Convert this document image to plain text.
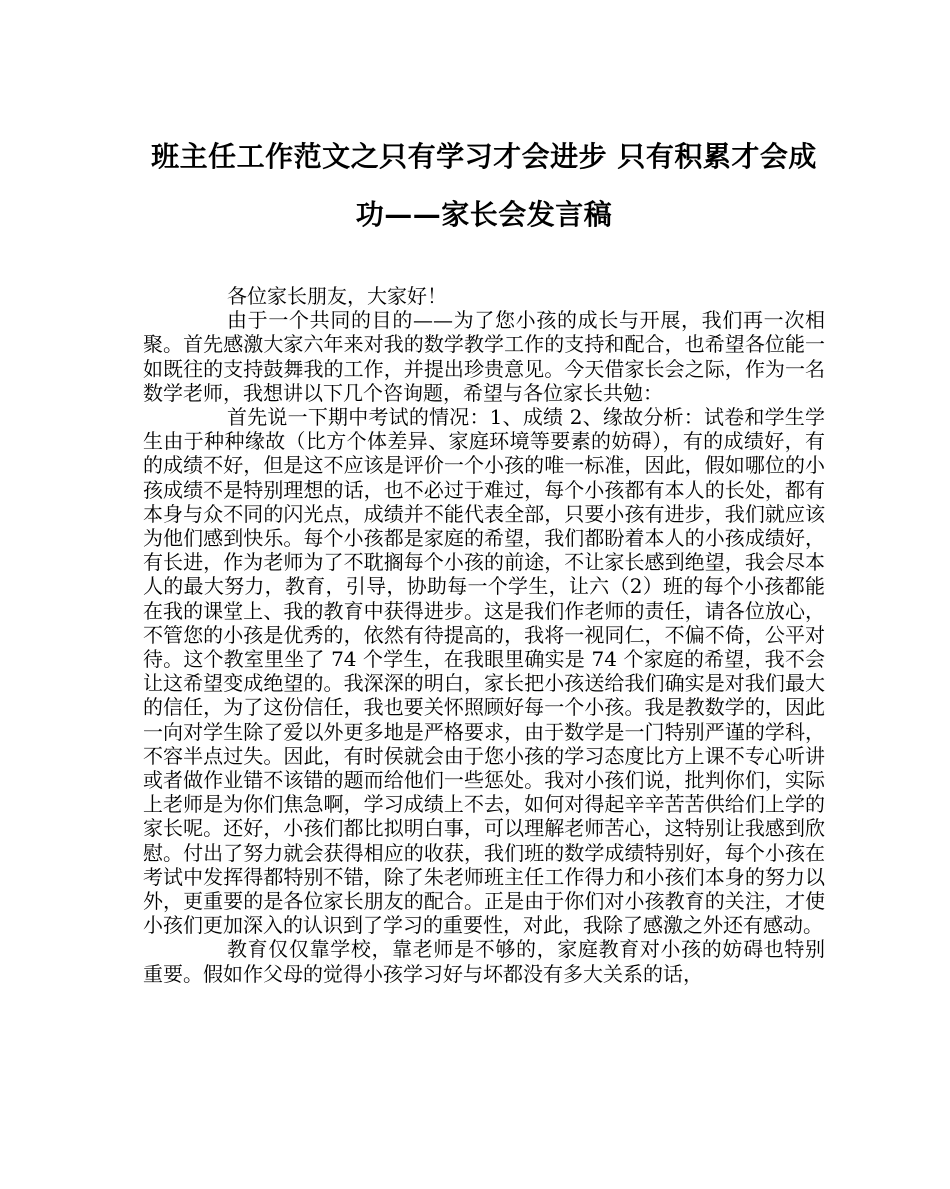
班主任工作范文之只有学习才会进步 只有积累才会成
功——家长会发言稿

各位家长朋友，大家好！

由于一个共同的目的——为了您小孩的成长与开展，我们再一次相聚。首先感激大家六年来对我的数学教学工作的支持和配合，也希望各位能一如既往的支持鼓舞我的工作，并提出珍贵意见。今天借家长会之际，作为一名数学老师，我想讲以下几个咨询题，希望与各位家长共勉：

首先说一下期中考试的情况：1、成绩 2、缘故分析：试卷和学生学生由于种种缘故（比方个体差异、家庭环境等要素的妨碍），有的成绩好，有的成绩不好，但是这不应该是评价一个小孩的唯一标准，因此，假如哪位的小孩成绩不是特别理想的话，也不必过于难过，每个小孩都有本人的长处，都有本身与众不同的闪光点，成绩并不能代表全部，只要小孩有进步，我们就应该为他们感到快乐。每个小孩都是家庭的希望，我们都盼着本人的小孩成绩好，有长进，作为老师为了不耽搁每个小孩的前途，不让家长感到绝望，我会尽本人的最大努力，教育，引导，协助每一个学生，让六（2）班的每个小孩都能在我的课堂上、我的教育中获得进步。这是我们作老师的责任，请各位放心，不管您的小孩是优秀的，依然有待提高的，我将一视同仁，不偏不倚，公平对待。这个教室里坐了 74 个学生，在我眼里确实是 74 个家庭的希望，我不会让这希望变成绝望的。我深深的明白，家长把小孩送给我们确实是对我们最大的信任，为了这份信任，我也要关怀照顾好每一个小孩。我是教数学的，因此一向对学生除了爱以外更多地是严格要求，由于数学是一门特别严谨的学科，不容半点过失。因此，有时侯就会由于您小孩的学习态度比方上课不专心听讲或者做作业错不该错的题而给他们一些惩处。我对小孩们说，批判你们，实际上老师是为你们焦急啊，学习成绩上不去，如何对得起辛辛苦苦供给们上学的家长呢。还好，小孩们都比拟明白事，可以理解老师苦心，这特别让我感到欣慰。付出了努力就会获得相应的收获，我们班的数学成绩特别好，每个小孩在考试中发挥得都特别不错，除了朱老师班主任工作得力和小孩们本身的努力以外，更重要的是各位家长朋友的配合。正是由于你们对小孩教育的关注，才使小孩们更加深入的认识到了学习的重要性，对此，我除了感激之外还有感动。

教育仅仅靠学校，靠老师是不够的，家庭教育对小孩的妨碍也特别重要。假如作父母的觉得小孩学习好与坏都没有多大关系的话，
